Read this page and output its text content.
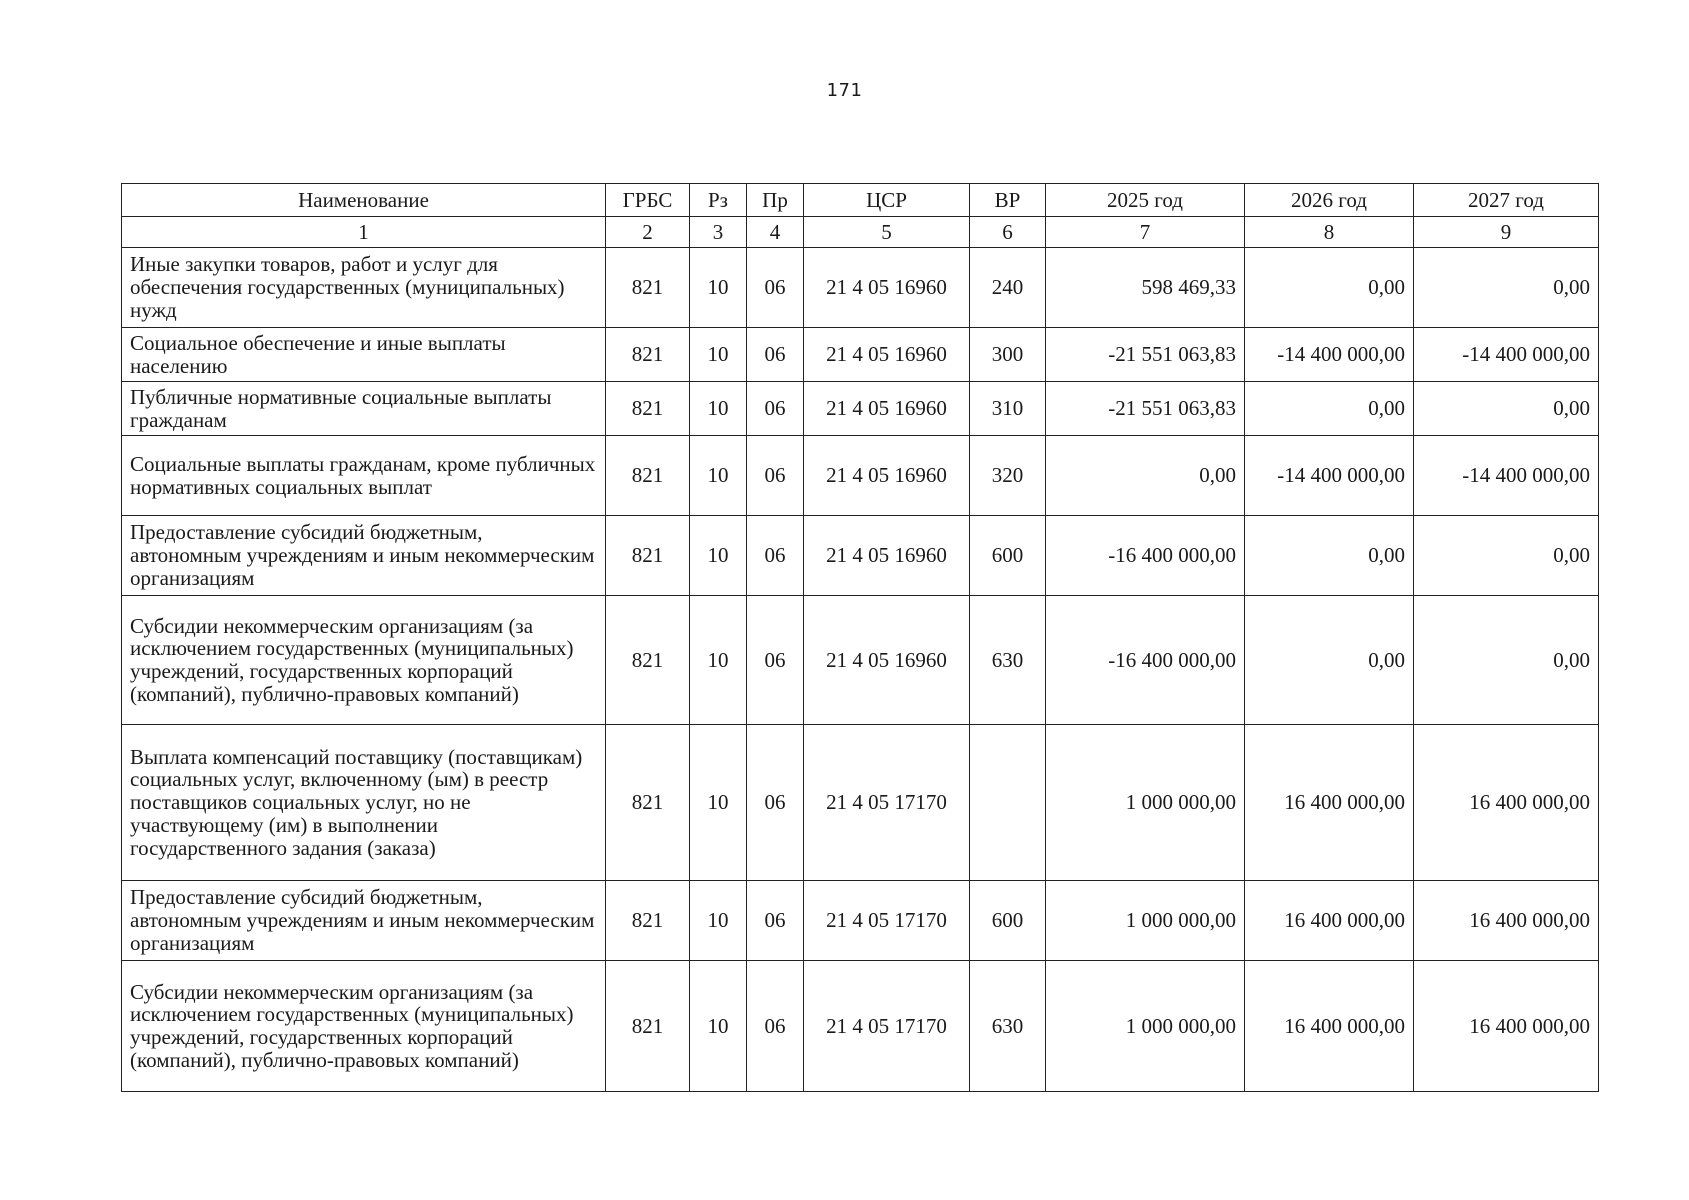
171
Наименование	ГРБС	Рз	Пр	ЦСР	ВР	2025 год	2026 год	2027 год
1	2	3	4	5	6	7	8	9
Иные закупки товаров, работ и услуг для обеспечения государственных (муниципальных) нужд	821	10	06	21 4 05 16960	240	598 469,33	0,00	0,00
Социальное обеспечение и иные выплаты населению	821	10	06	21 4 05 16960	300	-21 551 063,83	-14 400 000,00	-14 400 000,00
Публичные нормативные социальные выплаты гражданам	821	10	06	21 4 05 16960	310	-21 551 063,83	0,00	0,00
Социальные выплаты гражданам, кроме публичных нормативных социальных выплат	821	10	06	21 4 05 16960	320	0,00	-14 400 000,00	-14 400 000,00
Предоставление субсидий бюджетным, автономным учреждениям и иным некоммерческим организациям	821	10	06	21 4 05 16960	600	-16 400 000,00	0,00	0,00
Субсидии некоммерческим организациям (за исключением государственных (муниципальных) учреждений, государственных корпораций (компаний), публично-правовых компаний)	821	10	06	21 4 05 16960	630	-16 400 000,00	0,00	0,00
Выплата компенсаций поставщику (поставщикам) социальных услуг, включенному (ым) в реестр поставщиков социальных услуг, но не участвующему (им) в выполнении государственного задания (заказа)	821	10	06	21 4 05 17170		1 000 000,00	16 400 000,00	16 400 000,00
Предоставление субсидий бюджетным, автономным учреждениям и иным некоммерческим организациям	821	10	06	21 4 05 17170	600	1 000 000,00	16 400 000,00	16 400 000,00
Субсидии некоммерческим организациям (за исключением государственных (муниципальных) учреждений, государственных корпораций (компаний), публично-правовых компаний)	821	10	06	21 4 05 17170	630	1 000 000,00	16 400 000,00	16 400 000,00
